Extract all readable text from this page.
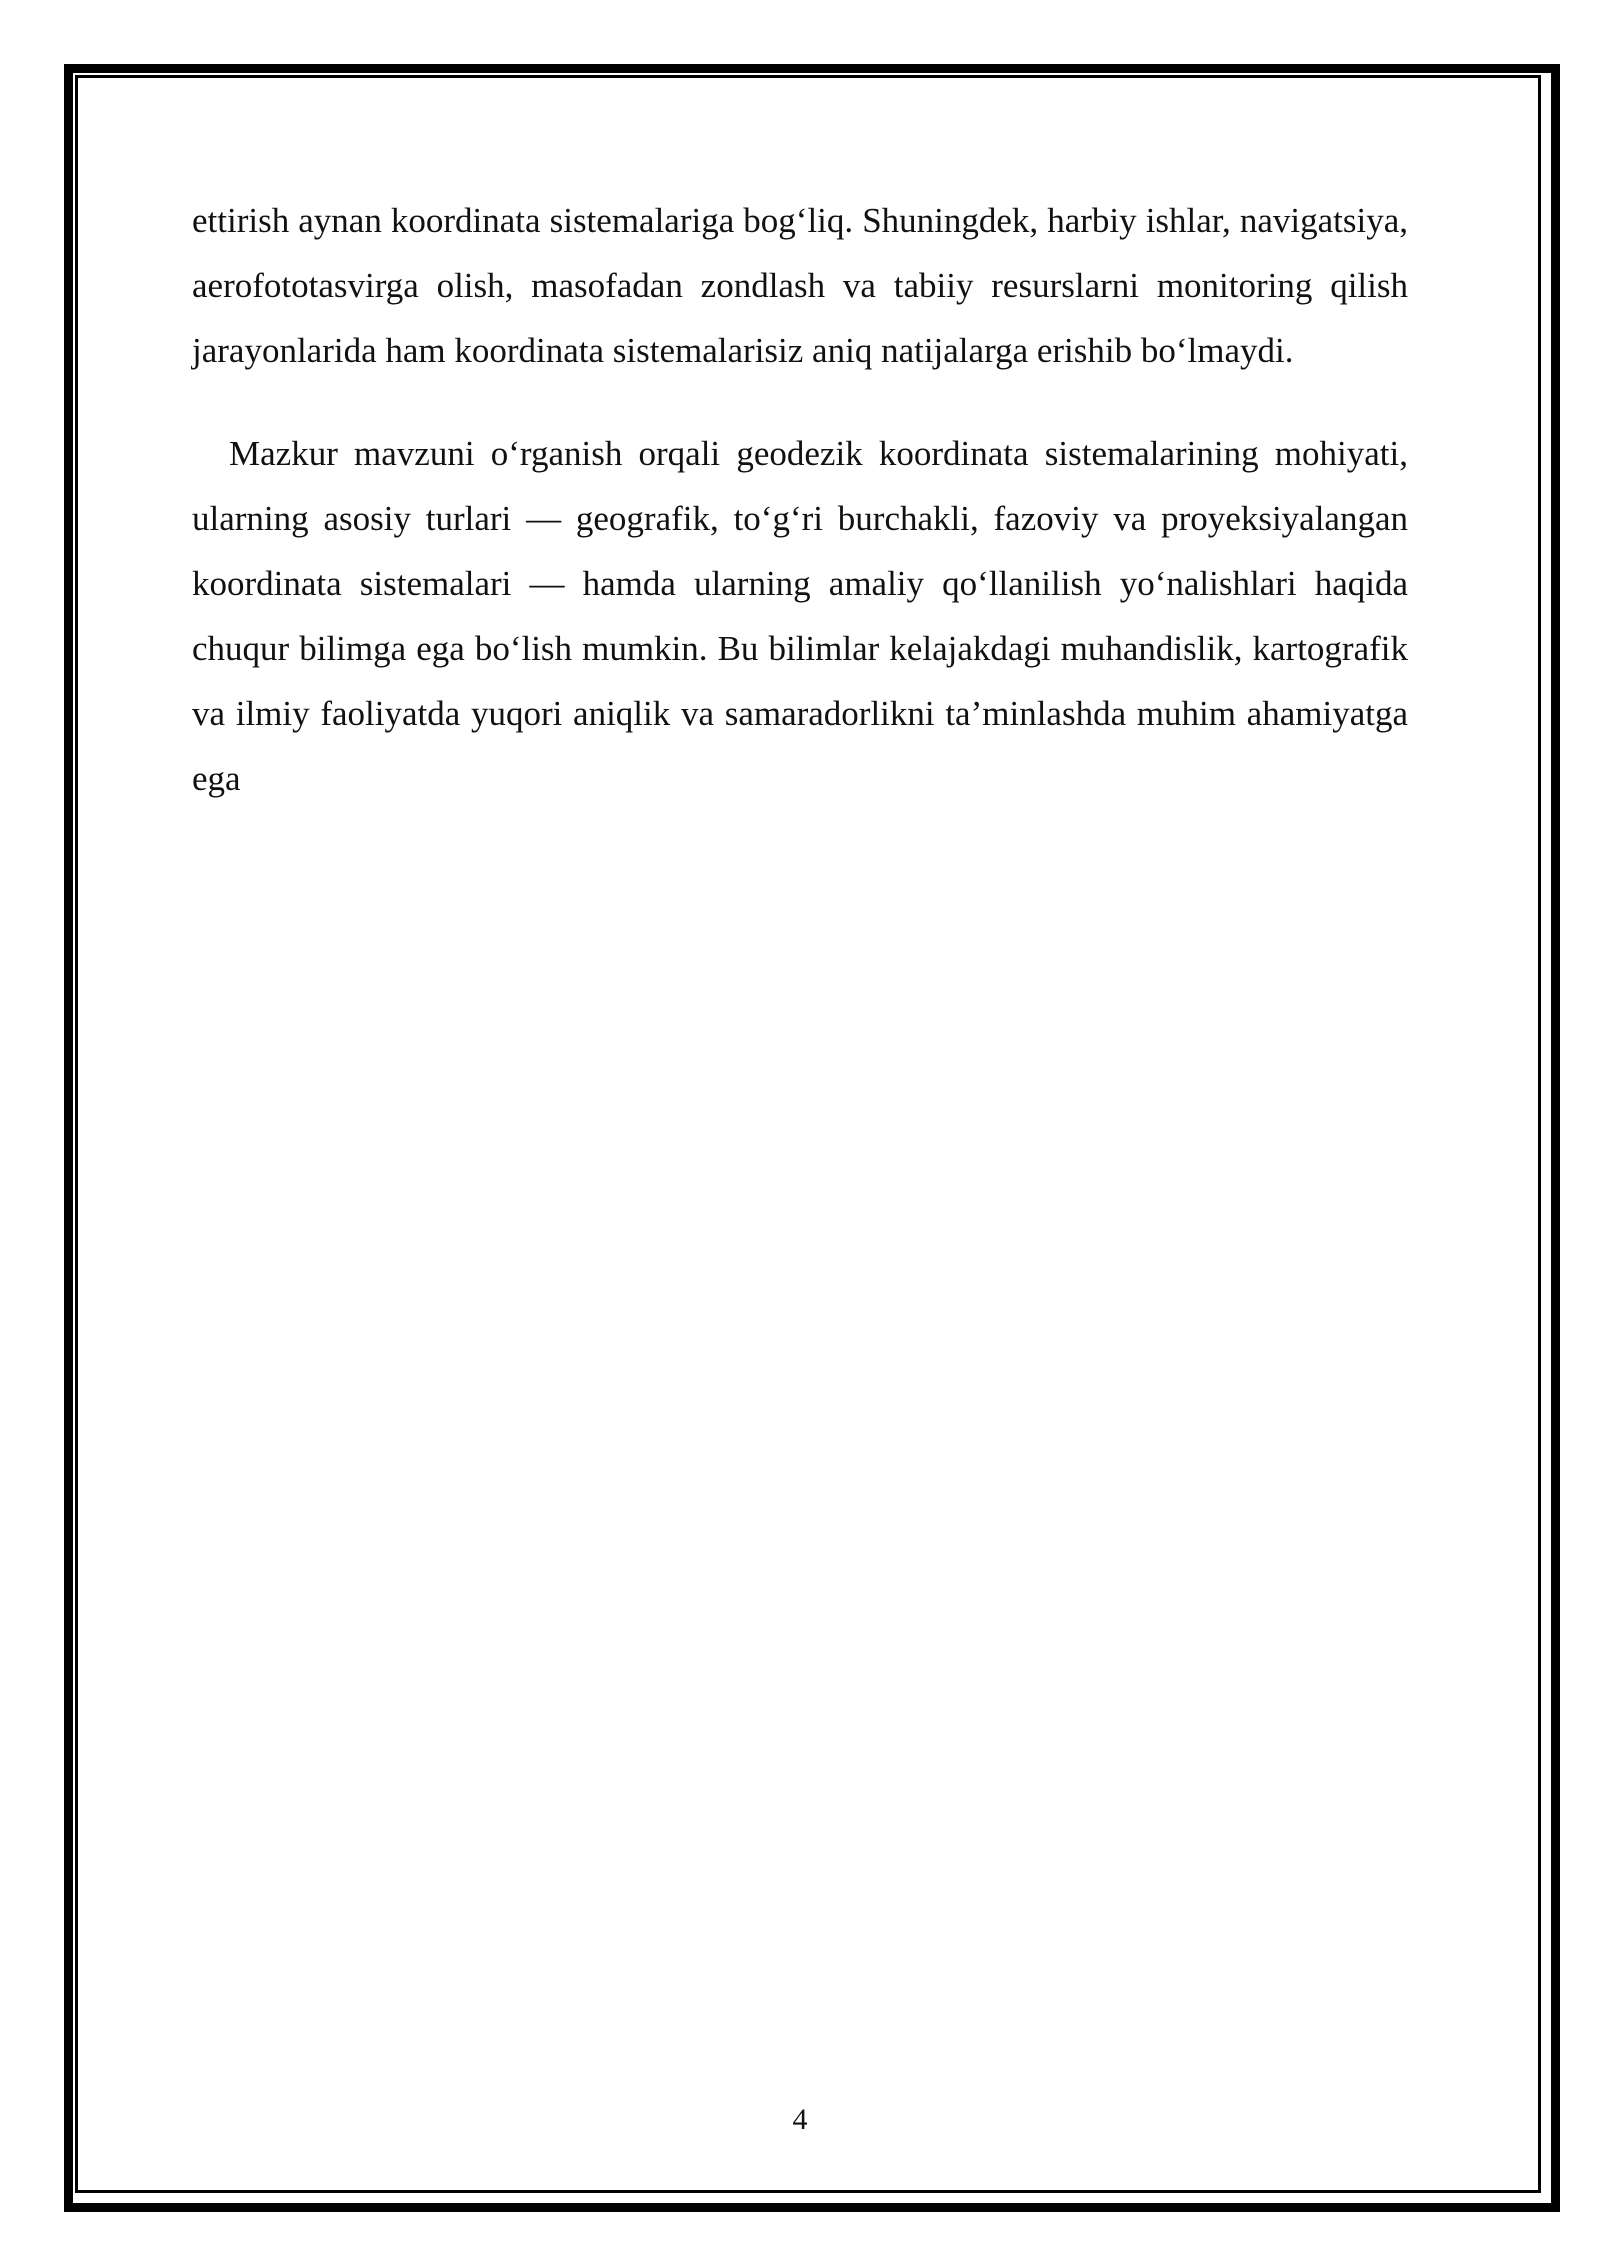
ettirish aynan koordinata sistemalariga bog‘liq. Shuningdek, harbiy ishlar, navigatsiya, aerofototasvirga olish, masofadan zondlash va tabiiy resurslarni monitoring qilish jarayonlarida ham koordinata sistemalarisiz aniq natijalarga erishib bo‘lmaydi.

Mazkur mavzuni o‘rganish orqali geodezik koordinata sistemalarining mohiyati, ularning asosiy turlari — geografik, to‘g‘ri burchakli, fazoviy va proyeksiyalangan koordinata sistemalari — hamda ularning amaliy qo‘llanilish yo‘nalishlari haqida chuqur bilimga ega bo‘lish mumkin. Bu bilimlar kelajakdagi muhandislik, kartografik va ilmiy faoliyatda yuqori aniqlik va samaradorlikni ta’minlashda muhim ahamiyatga ega

4
